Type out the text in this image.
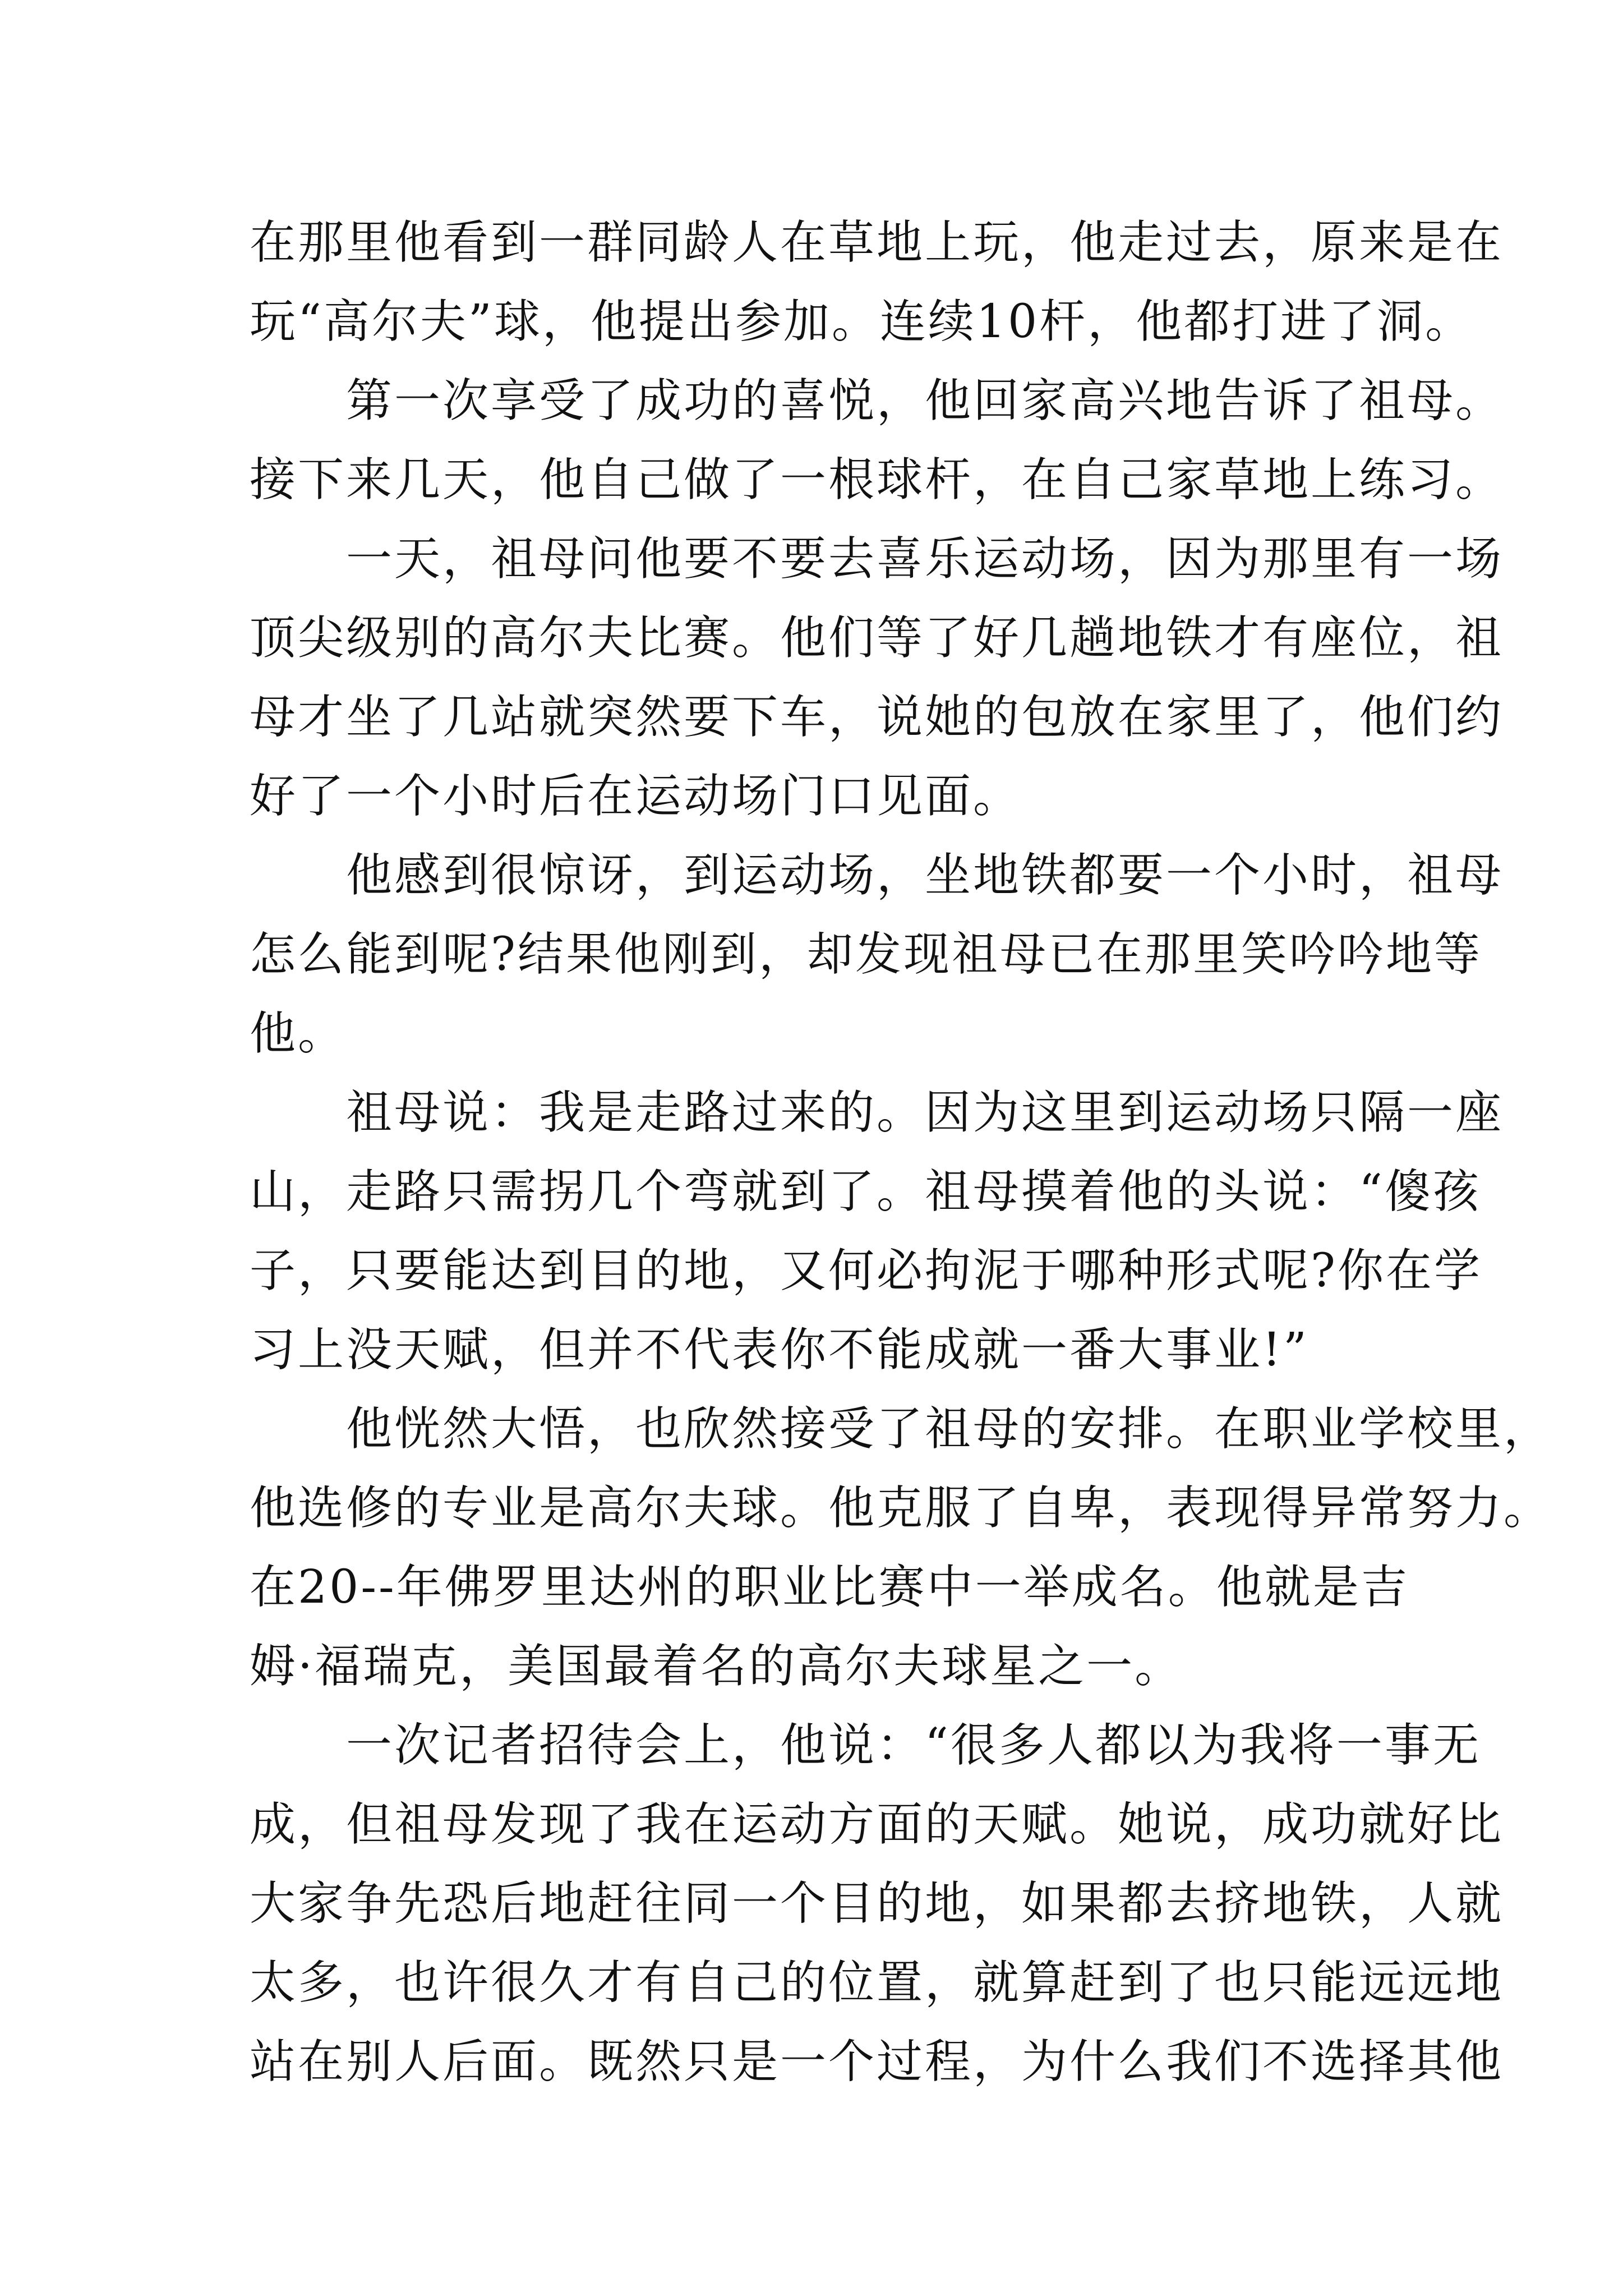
在那里他看到一群同龄人在草地上玩，他走过去，原来是在
玩“高尔夫”球，他提出参加。连续10杆，他都打进了洞。
　　第一次享受了成功的喜悦，他回家高兴地告诉了祖母。
接下来几天，他自己做了一根球杆，在自己家草地上练习。
　　一天，祖母问他要不要去喜乐运动场，因为那里有一场
顶尖级别的高尔夫比赛。他们等了好几趟地铁才有座位，祖
母才坐了几站就突然要下车，说她的包放在家里了，他们约
好了一个小时后在运动场门口见面。
　　他感到很惊讶，到运动场，坐地铁都要一个小时，祖母
怎么能到呢?结果他刚到，却发现祖母已在那里笑吟吟地等
他。
　　祖母说：我是走路过来的。因为这里到运动场只隔一座
山，走路只需拐几个弯就到了。祖母摸着他的头说：“傻孩
子，只要能达到目的地，又何必拘泥于哪种形式呢?你在学
习上没天赋，但并不代表你不能成就一番大事业!”
　　他恍然大悟，也欣然接受了祖母的安排。在职业学校里，
他选修的专业是高尔夫球。他克服了自卑，表现得异常努力。
在20--年佛罗里达州的职业比赛中一举成名。他就是吉
姆·福瑞克，美国最着名的高尔夫球星之一。
　　一次记者招待会上，他说：“很多人都以为我将一事无
成，但祖母发现了我在运动方面的天赋。她说，成功就好比
大家争先恐后地赶往同一个目的地，如果都去挤地铁，人就
太多，也许很久才有自己的位置，就算赶到了也只能远远地
站在别人后面。既然只是一个过程，为什么我们不选择其他
